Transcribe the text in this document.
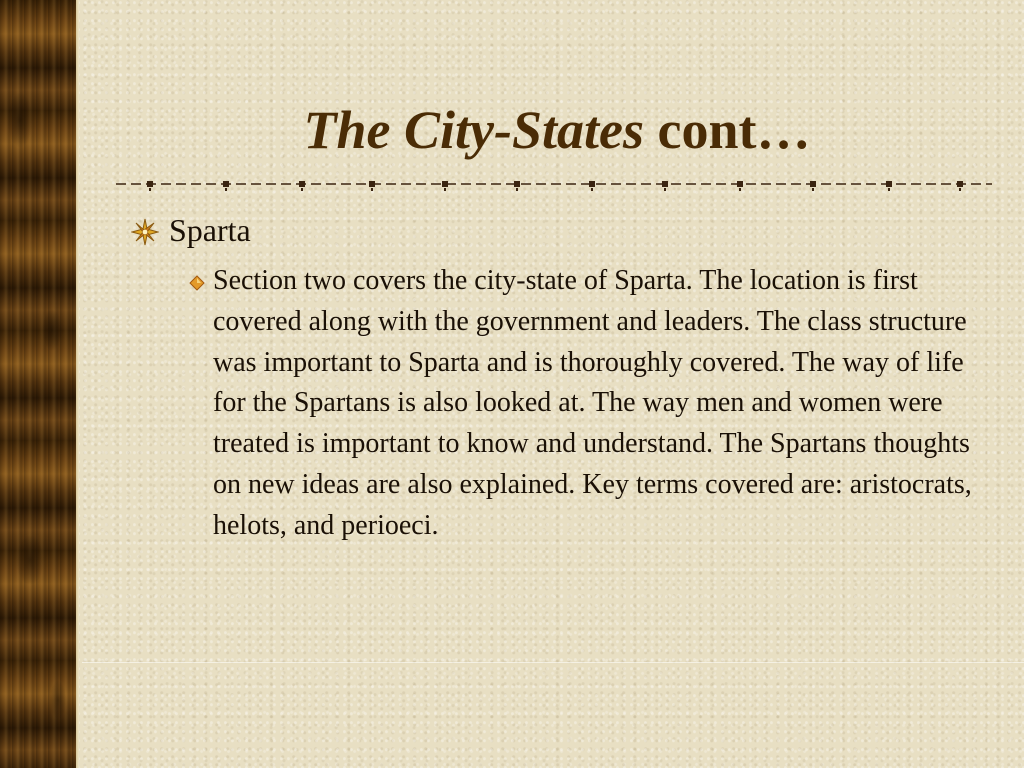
The City-States cont…
Sparta

Section two covers the city-state of Sparta. The location is first covered along with the government and leaders. The class structure was important to Sparta and is thoroughly covered. The way of life for the Spartans is also looked at. The way men and women were treated is important to know and understand. The Spartans thoughts on new ideas are also explained. Key terms covered are: aristocrats, helots, and perioeci.
